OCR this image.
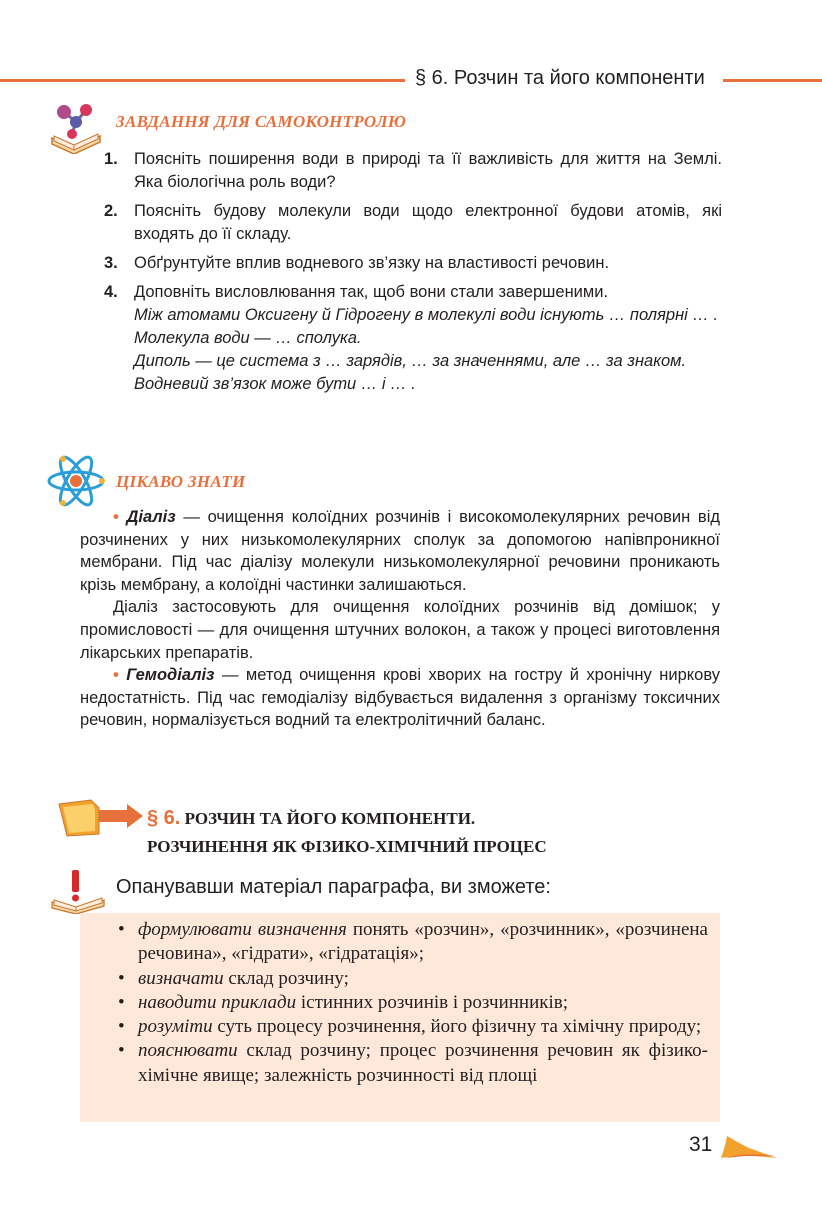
§ 6. Розчин та його компоненти
ЗАВДАННЯ ДЛЯ САМОКОНТРОЛЮ
1. Поясніть поширення води в природі та її важливість для життя на Землі. Яка біологічна роль води?
2. Поясніть будову молекули води щодо електронної будови атомів, які входять до її складу.
3. Обґрунтуйте вплив водневого зв’язку на властивості речовин.
4. Доповніть висловлювання так, щоб вони стали завершеними.
Між атомами Оксигену й Гідрогену в молекулі води існують … полярні … .
Молекула води — … сполука.
Диполь — це система з … зарядів, … за значеннями, але … за знаком.
Водневий зв’язок може бути … і … .
ЦІКАВО ЗНАТИ

• Діаліз — очищення колоїдних розчинів і високомолекулярних речовин від розчинених у них низькомолекулярних сполук за допомогою напівпроникної мембрани. Під час діалізу молекули низькомолекулярної речовини проникають крізь мембрану, а колоїдні частинки залишаються.

Діаліз застосовують для очищення колоїдних розчинів від домішок; у промисловості — для очищення штучних волокон, а також у процесі виготовлення лікарських препаратів.

• Гемодіаліз — метод очищення крові хворих на гостру й хронічну ниркову недостатність. Під час гемодіалізу відбувається видалення з організму токсичних речовин, нормалізується водний та електролітичний баланс.

§ 6. РОЗЧИН ТА ЙОГО КОМПОНЕНТИ.
РОЗЧИНЕННЯ ЯК ФІЗИКО-ХІМІЧНИЙ ПРОЦЕС
Опанувавши матеріал параграфа, ви зможете:
• формулювати визначення понять «розчин», «розчинник», «розчинена речовина», «гідрати», «гідратація»;
• визначати склад розчину;
• наводити приклади істинних розчинів і розчинників;
• розуміти суть процесу розчинення, його фізичну та хімічну природу;
• пояснювати склад розчину; процес розчинення речовин як фізико-хімічне явище; залежність розчинності від площі
31
